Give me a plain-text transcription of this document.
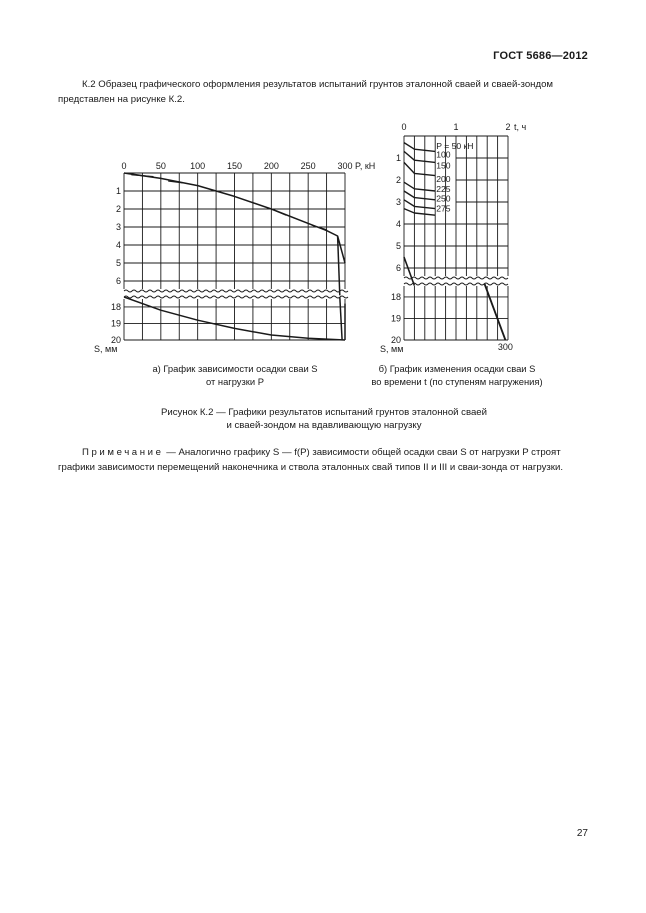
ГОСТ 5686—2012

К.2 Образец графического оформления результатов испытаний грунтов эталонной сваей и сваей-зондом представлен на рисунке К.2.

0	50	100 150 200 250 300 P, кН
1
2
3
4
5
6
18
19
20
S, мм
а) График зависимости осадки сваи S
от нагрузки P
0	1	2 t, ч
1
2
3
4
5
6
18
19
20
S, мм
P = 50 кН
100
150
200
225
250
275
300
б) График изменения осадки сваи S
во времени t (по ступеням нагружения)
Рисунок К.2 — Графики результатов испытаний грунтов эталонной сваей
и сваей-зондом на вдавливающую нагрузку

Примечание — Аналогично графику S — f(P) зависимости общей осадки сваи S от нагрузки P строят графики зависимости перемещений наконечника и ствола эталонных свай типов II и III и сваи-зонда от нагрузки.

27
